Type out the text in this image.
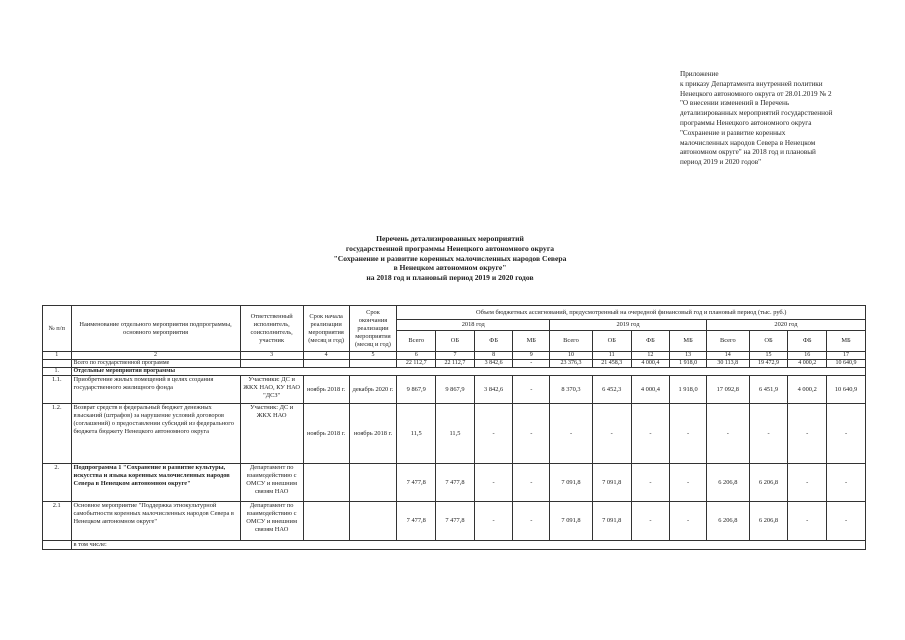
Приложение
к приказу Департамента внутренней политики
Ненецкого автономного округа от 28.01.2019 № 2
"О внесении изменений в Перечень
детализированных мероприятий государственной
программы Ненецкого автономного округа
"Сохранение и развитие коренных
малочисленных народов Севера в Ненецком
автономном округе" на 2018 год и плановый
период 2019 и 2020 годов"
Перечень детализированных мероприятий
государственной программы Ненецкого автономного округа
"Сохранение и развитие коренных малочисленных народов Севера
в Ненецком автономном округе"
на 2018 год и плановый период 2019 и 2020 годов
№ п/п	Наименование отдельного мероприятия подпрограммы, основного мероприятия	Ответственный исполнитель, соисполнитель, участник	Срок начала реализации мероприятия (месяц и год)	Срок окончания реализации мероприятия (месяц и год)	Объем бюджетных ассигнований, предусмотренный на очередной финансовый год и плановый период (тыс. руб.)											
					2018 год				2019 год				2020 год			
					Всего	ОБ	ФБ	МБ	Всего	ОБ	ФБ	МБ	Всего	ОБ	ФБ	МБ
1	2	3	4	5	6	7	8	9	10	11	12	13	14	15	16	17
	Всего по государственной программе				22 112,7	22 112,7	3 842,6	-	23 376,3	21 458,3	4 000,4	1 918,0	30 113,8	19 472,9	4 000,2	10 640,9
1.	Отдельные мероприятия программы															
1.1.	Приобретение жилых помещений в целях создания государственного жилищного фонда	Участники: ДС и ЖКХ НАО, КУ НАО "ДСЗ"	ноябрь 2018 г.	декабрь 2020 г.	9 867,9	9 867,9	3 842,6	-	8 370,3	6 452,3	4 000,4	1 918,0	17 092,8	6 451,9	4 000,2	10 640,9
1.2.	Возврат средств в федеральный бюджет денежных взысканий (штрафов) за нарушение условий договоров (соглашений) о предоставлении субсидий из федерального бюджета бюджету Ненецкого автономного округа	Участник: ДС и ЖКХ НАО	ноябрь 2018 г.	ноябрь 2018 г.	11,5	11,5	-	-	-	-	-	-	-	-	-	-
2.	Подпрограмма 1 "Сохранение и развитие культуры, искусства и языка коренных малочисленных народов Севера в Ненецком автономном округе"	Департамент по взаимодействию с ОМСУ и внешним связям НАО			7 477,8	7 477,8	-	-	7 091,8	7 091,8	-	-	6 206,8	6 206,8	-	-
2.1	Основное мероприятие "Поддержка этнокультурной самобытности коренных малочисленных народов Севера в Ненецком автономном округе"	Департамент по взаимодействию с ОМСУ и внешним связям НАО			7 477,8	7 477,8	-	-	7 091,8	7 091,8	-	-	6 206,8	6 206,8	-	-
	в том числе:															
